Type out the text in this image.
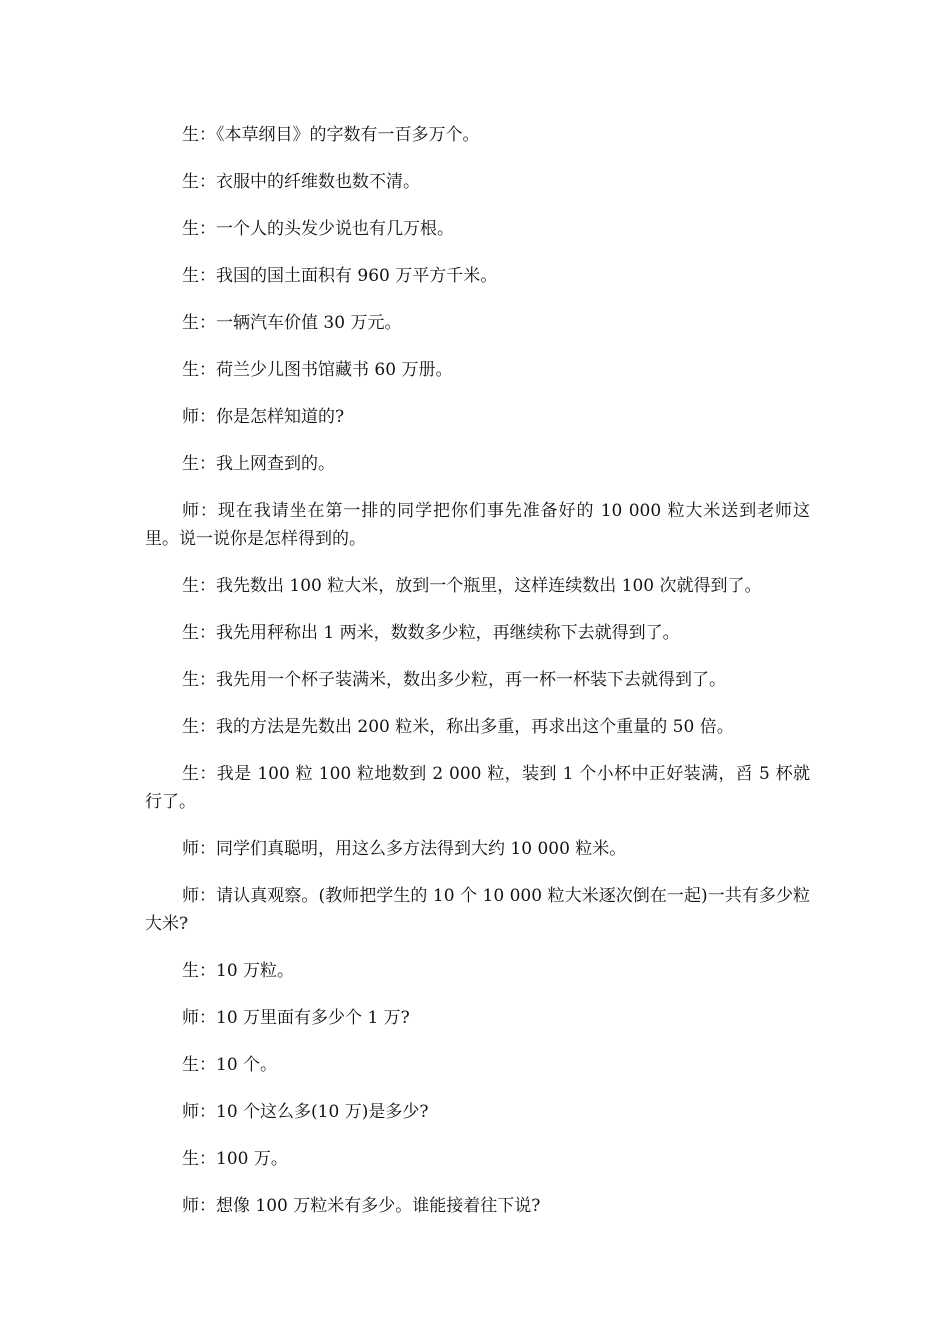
生：《本草纲目》的字数有一百多万个。

生：衣服中的纤维数也数不清。

生：一个人的头发少说也有几万根。

生：我国的国土面积有 960 万平方千米。

生：一辆汽车价值 30 万元。

生：荷兰少儿图书馆藏书 60 万册。

师：你是怎样知道的?

生：我上网查到的。

师：现在我请坐在第一排的同学把你们事先准备好的 10 000 粒大米送到老师这里。说一说你是怎样得到的。

生：我先数出 100 粒大米，放到一个瓶里，这样连续数出 100 次就得到了。

生：我先用秤称出 1 两米，数数多少粒，再继续称下去就得到了。

生：我先用一个杯子装满米，数出多少粒，再一杯一杯装下去就得到了。

生：我的方法是先数出 200 粒米，称出多重，再求出这个重量的 50 倍。

生：我是 100 粒 100 粒地数到 2 000 粒，装到 1 个小杯中正好装满，舀 5 杯就行了。

师：同学们真聪明，用这么多方法得到大约 10 000 粒米。

师：请认真观察。(教师把学生的 10 个 10 000 粒大米逐次倒在一起)一共有多少粒大米?

生：10 万粒。

师：10 万里面有多少个 1 万?

生：10 个。

师：10 个这么多(10 万)是多少?

生：100 万。

师：想像 100 万粒米有多少。谁能接着往下说?
